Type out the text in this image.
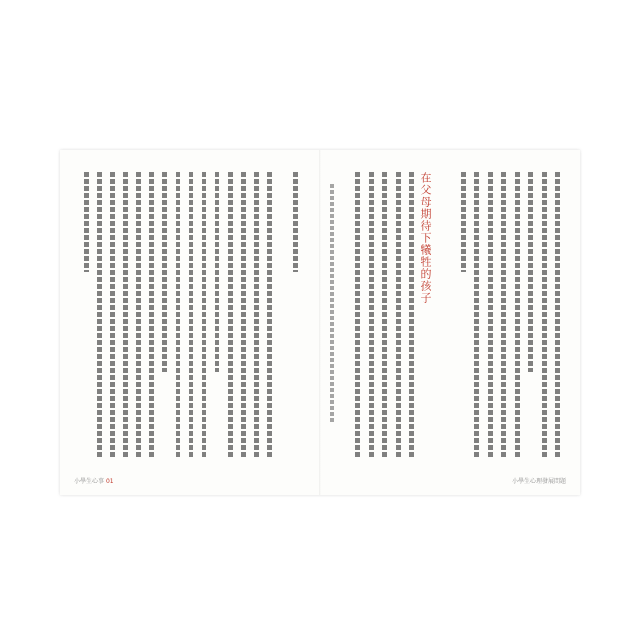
小學生心事 01
在父母期待下犧牲的孩子
小學生心理發展問題
